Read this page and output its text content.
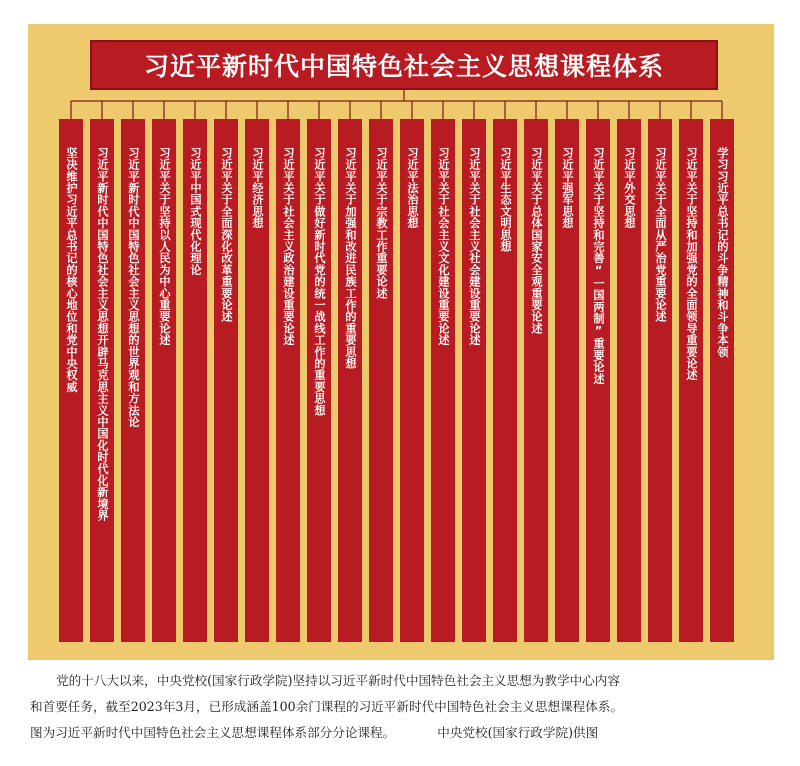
习近平新时代中国特色社会主义思想课程体系
坚决维护习近平总书记的核心地位和党中央权威 习近平新时代中国特色社会主义思想开辟马克思主义中国化时代化新境界 习近平新时代中国特色社会主义思想的世界观和方法论 习近平关于坚持以人民为中心重要论述 习近平中国式现代化理论 习近平关于全面深化改革重要论述 习近平经济思想 习近平关于社会主义政治建设重要论述 习近平关于做好新时代党的统一战线工作的重要思想 习近平关于加强和改进民族工作的重要思想 习近平关于宗教工作重要论述 习近平法治思想 习近平关于社会主义文化建设重要论述 习近平关于社会主义社会建设重要论述 习近平生态文明思想 习近平关于总体国家安全观重要论述 习近平强军思想 习近平关于坚持和完善“一国两制”重要论述 习近平外交思想 习近平关于全面从严治党重要论述 习近平关于坚持和加强党的全面领导重要论述 学习习近平总书记的斗争精神和斗争本领

党的十八大以来，中央党校(国家行政学院)坚持以习近平新时代中国特色社会主义思想为教学中心内容

和首要任务，截至2023年3月，已形成涵盖100余门课程的习近平新时代中国特色社会主义思想课程体系。

图为习近平新时代中国特色社会主义思想课程体系部分分论课程。	中央党校(国家行政学院)供图
